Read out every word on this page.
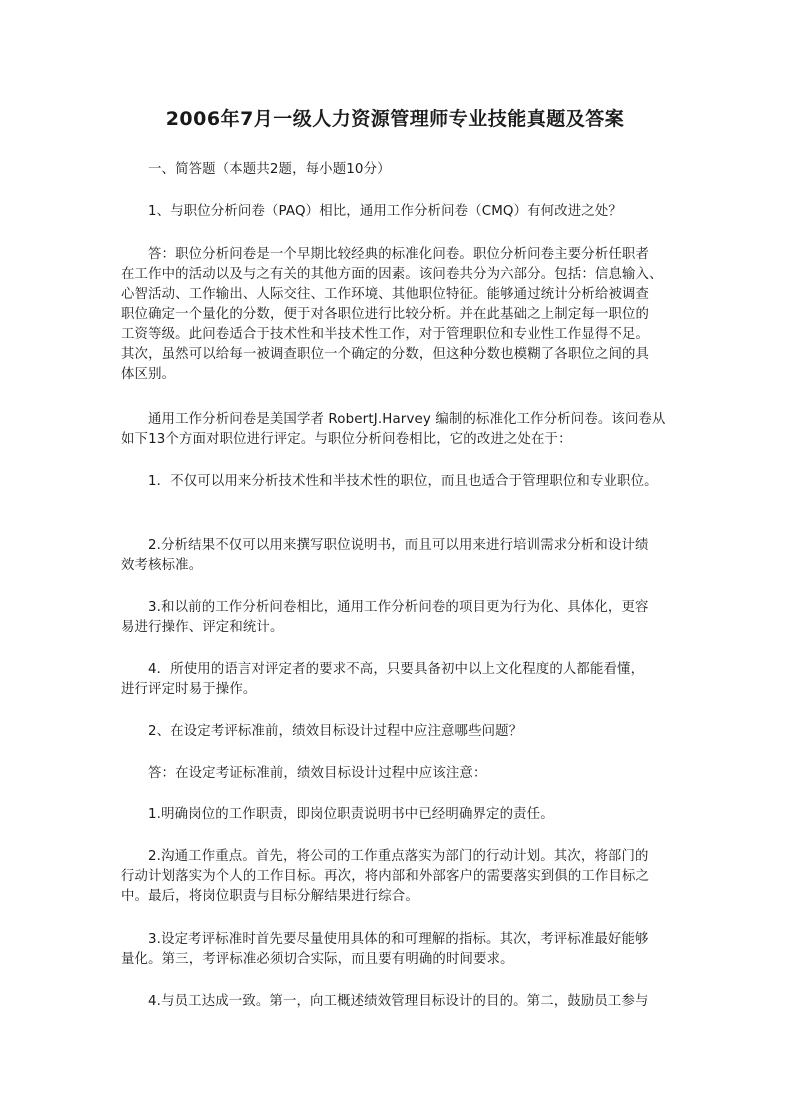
2006年7月一级人力资源管理师专业技能真题及答案

一、简答题（本题共2题，每小题10分）

1、与职位分析问卷（PAQ）相比，通用工作分析问卷（CMQ）有何改进之处？

答：职位分析问卷是一个早期比较经典的标准化问卷。职位分析问卷主要分析任职者
在工作中的活动以及与之有关的其他方面的因素。该问卷共分为六部分。包括：信息输入、
心智活动、工作输出、人际交往、工作环境、其他职位特征。能够通过统计分析给被调查
职位确定一个量化的分数，便于对各职位进行比较分析。并在此基础之上制定每一职位的
工资等级。此问卷适合于技术性和半技术性工作，对于管理职位和专业性工作显得不足。
其次，虽然可以给每一被调查职位一个确定的分数，但这种分数也模糊了各职位之间的具
体区别。

通用工作分析问卷是美国学者 RobertJ.Harvey 编制的标准化工作分析问卷。该问卷从
如下13个方面对职位进行评定。与职位分析问卷相比，它的改进之处在于：

1．不仅可以用来分析技术性和半技术性的职位，而且也适合于管理职位和专业职位。

2.分析结果不仅可以用来撰写职位说明书，而且可以用来进行培训需求分析和设计绩
效考核标准。

3.和以前的工作分析问卷相比，通用工作分析问卷的项目更为行为化、具体化，更容
易进行操作、评定和统计。

4．所使用的语言对评定者的要求不高，只要具备初中以上文化程度的人都能看懂，
进行评定时易于操作。

2、在设定考评标准前，绩效目标设计过程中应注意哪些问题？

答：在设定考证标准前，绩效目标设计过程中应该注意：

1.明确岗位的工作职责，即岗位职责说明书中已经明确界定的责任。

2.沟通工作重点。首先，将公司的工作重点落实为部门的行动计划。其次，将部门的
行动计划落实为个人的工作目标。再次，将内部和外部客户的需要落实到俱的工作目标之
中。最后，将岗位职责与目标分解结果进行综合。

3.设定考评标准时首先要尽量使用具体的和可理解的指标。其次，考评标准最好能够
量化。第三，考评标准必须切合实际，而且要有明确的时间要求。

4.与员工达成一致。第一，向工概述绩效管理目标设计的目的。第二，鼓励员工参与
